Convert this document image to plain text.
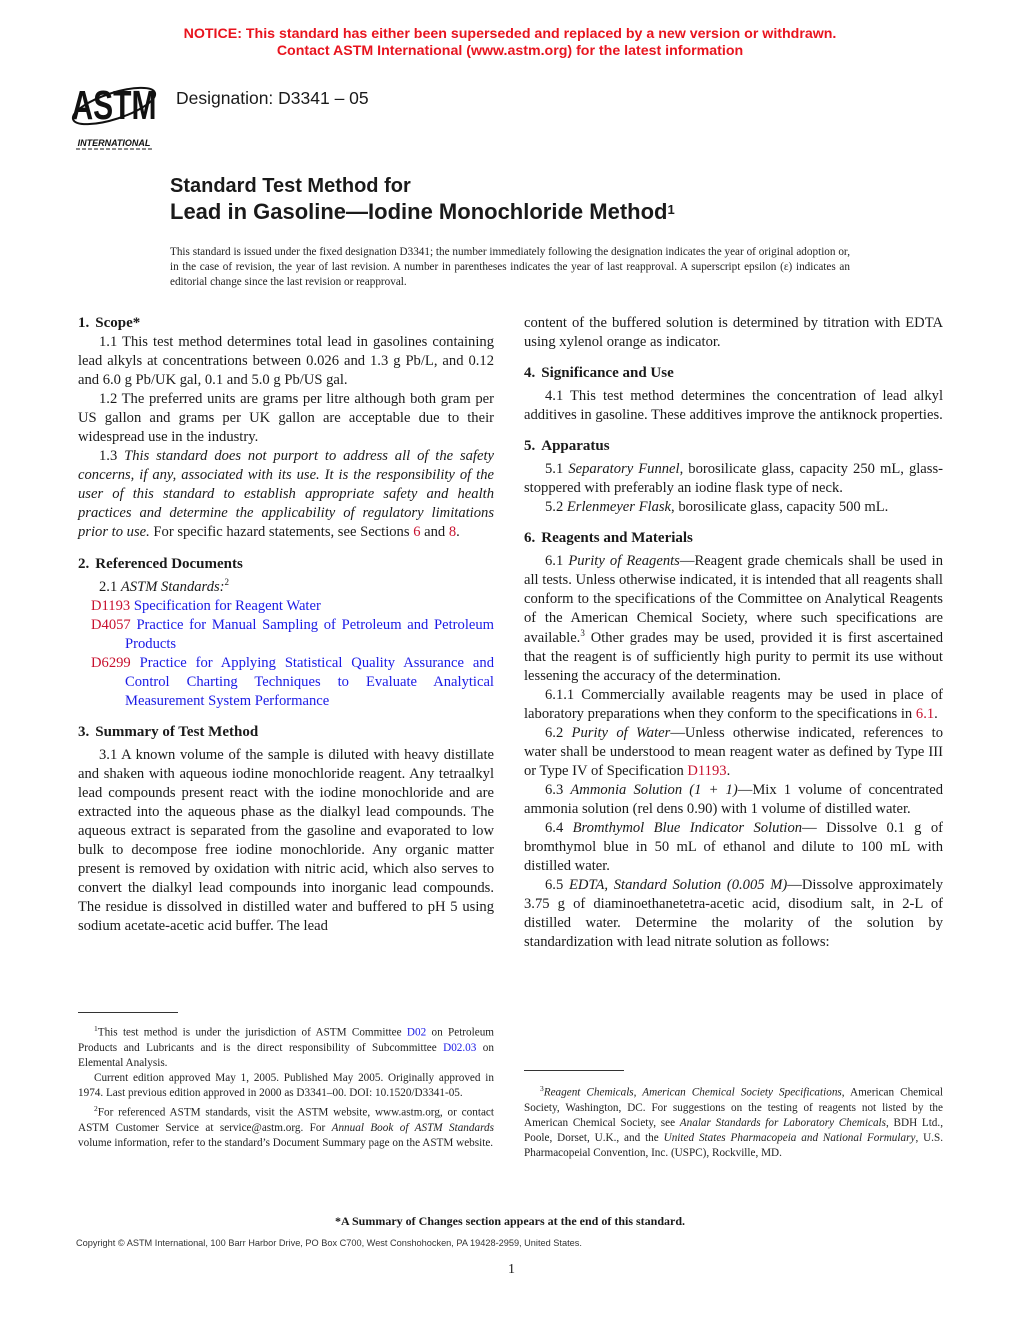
NOTICE: This standard has either been superseded and replaced by a new version or withdrawn.
Contact ASTM International (www.astm.org) for the latest information
ASTM
INTERNATIONAL
Designation: D3341 – 05
Standard Test Method for
Lead in Gasoline—Iodine Monochloride Method$^1$
This standard is issued under the fixed designation D3341; the number immediately following the designation indicates the year of original adoption or, in the case of revision, the year of last revision. A number in parentheses indicates the year of last reapproval. A superscript epsilon (ε) indicates an editorial change since the last revision or reapproval.
1. Scope*

1.1 This test method determines total lead in gasolines containing lead alkyls at concentrations between 0.026 and 1.3 g Pb/L, and 0.12 and 6.0 g Pb/UK gal, 0.1 and 5.0 g Pb/US gal.

1.2 The preferred units are grams per litre although both gram per US gallon and grams per UK gallon are acceptable due to their widespread use in the industry.

1.3 This standard does not purport to address all of the safety concerns, if any, associated with its use. It is the responsibility of the user of this standard to establish appropriate safety and health practices and determine the applicability of regulatory limitations prior to use. For specific hazard statements, see Sections 6 and 8.

2. Referenced Documents

2.1 ASTM Standards:$^2$

D1193 Specification for Reagent Water

D4057 Practice for Manual Sampling of Petroleum and Petroleum Products

D6299 Practice for Applying Statistical Quality Assurance and Control Charting Techniques to Evaluate Analytical Measurement System Performance

3. Summary of Test Method

3.1 A known volume of the sample is diluted with heavy distillate and shaken with aqueous iodine monochloride reagent. Any tetraalkyl lead compounds present react with the iodine monochloride and are extracted into the aqueous phase as the dialkyl lead compounds. The aqueous extract is separated from the gasoline and evaporated to low bulk to decompose free iodine monochloride. Any organic matter present is removed by oxidation with nitric acid, which also serves to convert the dialkyl lead compounds into inorganic lead compounds. The residue is dissolved in distilled water and buffered to pH 5 using sodium acetate-acetic acid buffer. The lead

$^1$This test method is under the jurisdiction of ASTM Committee D02 on Petroleum Products and Lubricants and is the direct responsibility of Subcommittee D02.03 on Elemental Analysis.

Current edition approved May 1, 2005. Published May 2005. Originally approved in 1974. Last previous edition approved in 2000 as D3341–00. DOI: 10.1520/D3341-05.

$^2$For referenced ASTM standards, visit the ASTM website, www.astm.org, or contact ASTM Customer Service at service@astm.org. For Annual Book of ASTM Standards volume information, refer to the standard’s Document Summary page on the ASTM website.

content of the buffered solution is determined by titration with EDTA using xylenol orange as indicator.

4. Significance and Use

4.1 This test method determines the concentration of lead alkyl additives in gasoline. These additives improve the antiknock properties.

5. Apparatus

5.1 Separatory Funnel, borosilicate glass, capacity 250 mL, glass-stoppered with preferably an iodine flask type of neck.

5.2 Erlenmeyer Flask, borosilicate glass, capacity 500 mL.

6. Reagents and Materials

6.1 Purity of Reagents—Reagent grade chemicals shall be used in all tests. Unless otherwise indicated, it is intended that all reagents shall conform to the specifications of the Committee on Analytical Reagents of the American Chemical Society, where such specifications are available.$^3$ Other grades may be used, provided it is first ascertained that the reagent is of sufficiently high purity to permit its use without lessening the accuracy of the determination.

6.1.1 Commercially available reagents may be used in place of laboratory preparations when they conform to the specifications in 6.1.

6.2 Purity of Water—Unless otherwise indicated, references to water shall be understood to mean reagent water as defined by Type III or Type IV of Specification D1193.

6.3 Ammonia Solution (1 + 1)—Mix 1 volume of concentrated ammonia solution (rel dens 0.90) with 1 volume of distilled water.

6.4 Bromthymol Blue Indicator Solution— Dissolve 0.1 g of bromthymol blue in 50 mL of ethanol and dilute to 100 mL with distilled water.

6.5 EDTA, Standard Solution (0.005 M)—Dissolve approximately 3.75 g of diaminoethanetetra-acetic acid, disodium salt, in 2-L of distilled water. Determine the molarity of the solution by standardization with lead nitrate solution as follows:

$^3$Reagent Chemicals, American Chemical Society Specifications, American Chemical Society, Washington, DC. For suggestions on the testing of reagents not listed by the American Chemical Society, see Analar Standards for Laboratory Chemicals, BDH Ltd., Poole, Dorset, U.K., and the United States Pharmacopeia and National Formulary, U.S. Pharmacopeial Convention, Inc. (USPC), Rockville, MD.

*A Summary of Changes section appears at the end of this standard.
Copyright © ASTM International, 100 Barr Harbor Drive, PO Box C700, West Conshohocken, PA 19428-2959, United States.
1
